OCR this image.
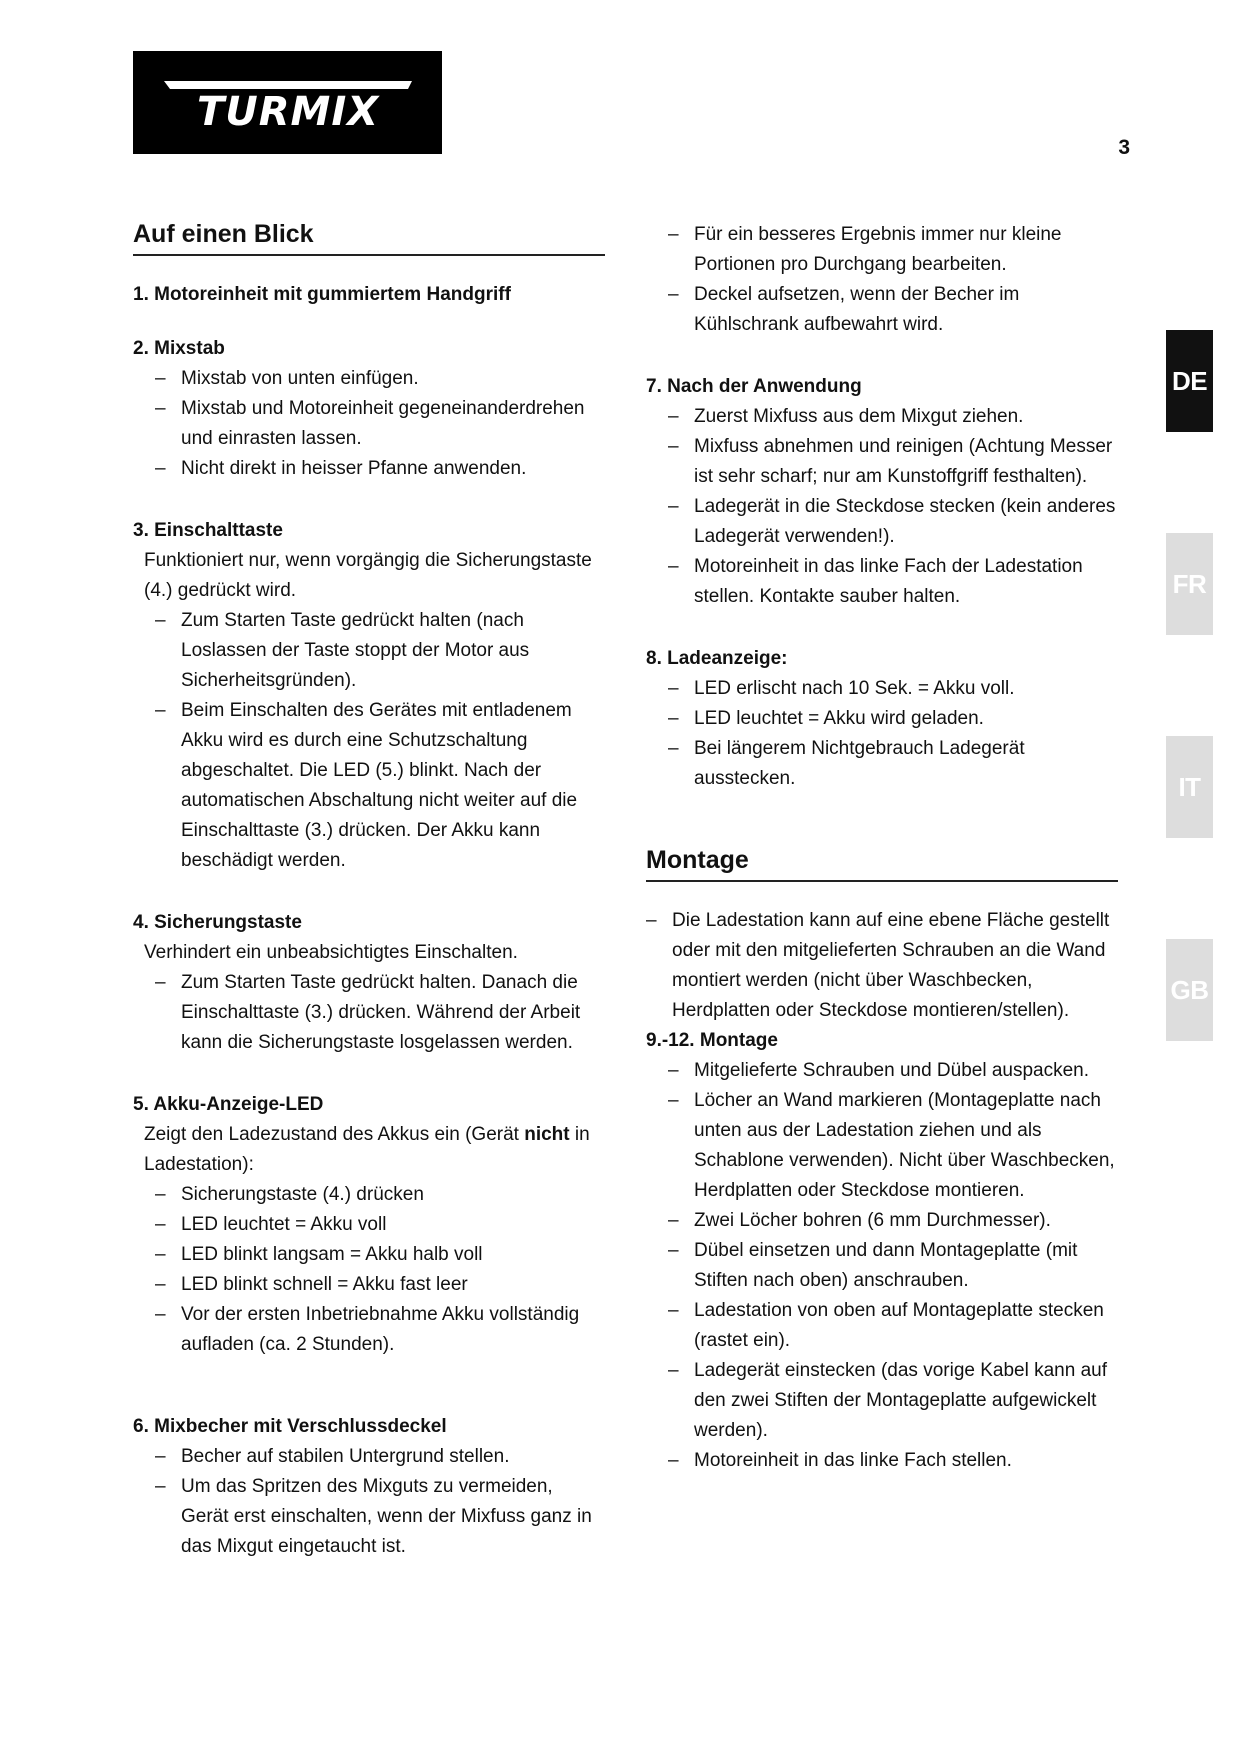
TURMIX
3
DE
FR
IT
GB
Auf einen Blick
1. Motoreinheit mit gummiertem Handgriff
2. Mixstab
– Mixstab von unten einfügen.
– Mixstab und Motoreinheit gegeneinanderdrehen und einrasten lassen.
– Nicht direkt in heisser Pfanne anwenden.
3. Einschalttaste

Funktioniert nur, wenn vorgängig die Sicherungstaste (4.) gedrückt wird.

– Zum Starten Taste gedrückt halten (nach Loslassen der Taste stoppt der Motor aus Sicherheitsgründen).
– Beim Einschalten des Gerätes mit entladenem Akku wird es durch eine Schutzschaltung abgeschaltet. Die LED (5.) blinkt. Nach der automatischen Abschaltung nicht weiter auf die Einschalttaste (3.) drücken. Der Akku kann beschädigt werden.
4. Sicherungstaste

Verhindert ein unbeabsichtigtes Einschalten.

– Zum Starten Taste gedrückt halten. Danach die Einschalttaste (3.) drücken. Während der Arbeit kann die Sicherungstaste losgelassen werden.
5. Akku-Anzeige-LED

Zeigt den Ladezustand des Akkus ein (Gerät nicht in Ladestation):

– Sicherungstaste (4.) drücken
– LED leuchtet = Akku voll
– LED blinkt langsam = Akku halb voll
– LED blinkt schnell = Akku fast leer
– Vor der ersten Inbetriebnahme Akku vollständig aufladen (ca. 2 Stunden).
6. Mixbecher mit Verschlussdeckel
– Becher auf stabilen Untergrund stellen.
– Um das Spritzen des Mixguts zu vermeiden, Gerät erst einschalten, wenn der Mixfuss ganz in das Mixgut eingetaucht ist.
– Für ein besseres Ergebnis immer nur kleine Portionen pro Durchgang bearbeiten.
– Deckel aufsetzen, wenn der Becher im Kühlschrank aufbewahrt wird.
7. Nach der Anwendung
– Zuerst Mixfuss aus dem Mixgut ziehen.
– Mixfuss abnehmen und reinigen (Achtung Messer ist sehr scharf; nur am Kunstoffgriff festhalten).
– Ladegerät in die Steckdose stecken (kein anderes Ladegerät verwenden!).
– Motoreinheit in das linke Fach der Ladestation stellen. Kontakte sauber halten.
8. Ladeanzeige:
– LED erlischt nach 10 Sek. = Akku voll.
– LED leuchtet = Akku wird geladen.
– Bei längerem Nichtgebrauch Ladegerät ausstecken.
Montage
– Die Ladestation kann auf eine ebene Fläche gestellt oder mit den mitgelieferten Schrauben an die Wand montiert werden (nicht über Waschbecken, Herdplatten oder Steckdose montieren/stellen).
9.-12. Montage
– Mitgelieferte Schrauben und Dübel auspacken.
– Löcher an Wand markieren (Montageplatte nach unten aus der Ladestation ziehen und als Schablone verwenden). Nicht über Waschbecken, Herdplatten oder Steckdose montieren.
– Zwei Löcher bohren (6 mm Durchmesser).
– Dübel einsetzen und dann Montageplatte (mit Stiften nach oben) anschrauben.
– Ladestation von oben auf Montageplatte stecken (rastet ein).
– Ladegerät einstecken (das vorige Kabel kann auf den zwei Stiften der Montageplatte aufgewickelt werden).
– Motoreinheit in das linke Fach stellen.
